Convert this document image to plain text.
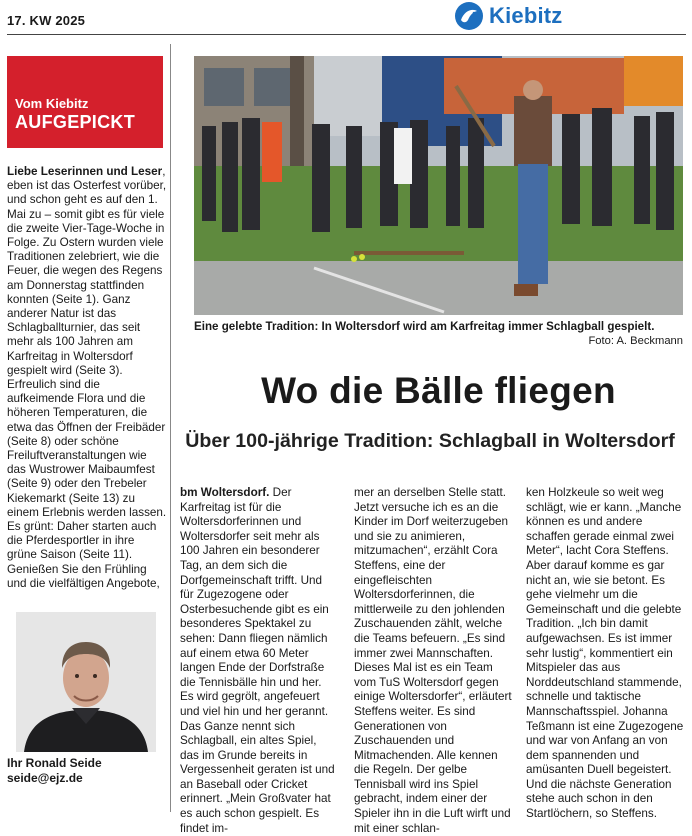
17. KW 2025	Kiebitz
Vom Kiebitz
AUFGEPICKT

Liebe Leserinnen und Leser, eben ist das Osterfest vorüber, und schon geht es auf den 1. Mai zu – somit gibt es für viele die zweite Vier-Tage-Woche in Folge. Zu Ostern wurden viele Traditionen zelebriert, wie die Feuer, die wegen des Regens am Donnerstag stattfinden konnten (Seite 1). Ganz anderer Natur ist das Schlagballturnier, das seit mehr als 100 Jahren am Karfreitag in Woltersdorf gespielt wird (Seite 3).

Erfreulich sind die aufkeimende Flora und die höheren Temperaturen, die etwa das Öffnen der Freibäder (Seite 8) oder schöne Freiluftveranstaltungen wie das Wustrower Maibaumfest (Seite 9) oder den Trebeler Kiekemarkt (Seite 13) zu einem Erlebnis werden lassen.

Es grünt: Daher starten auch die Pferdesportler in ihre grüne Saison (Seite 11).

Genießen Sie den Frühling und die vielfältigen Angebote,

Ihr Ronald Seide
seide@ejz.de
Eine gelebte Tradition: In Woltersdorf wird am Karfreitag immer Schlagball gespielt.
Foto: A. Beckmann
Wo die Bälle fliegen
Über 100-jährige Tradition: Schlagball in Woltersdorf
bm Woltersdorf. Der Karfreitag ist für die Woltersdorferinnen und Woltersdorfer seit mehr als 100 Jahren ein besonderer Tag, an dem sich die Dorfgemeinschaft trifft. Und für Zugezogene oder Osterbesuchende gibt es ein besonderes Spektakel zu sehen: Dann fliegen nämlich auf einem etwa 60 Meter langen Ende der Dorfstraße die Tennisbälle hin und her. Es wird gegrölt, angefeuert und viel hin und her gerannt. Das Ganze nennt sich Schlagball, ein altes Spiel, das im Grunde bereits in Vergessenheit geraten ist und an Baseball oder Cricket erinnert. „Mein Großvater hat es auch schon gespielt. Es findet im-
mer an derselben Stelle statt. Jetzt versuche ich es an die Kinder im Dorf weiterzugeben und sie zu animieren, mitzumachen“, erzählt Cora Steffens, eine der eingefleischten Woltersdorferinnen, die mittlerweile zu den johlenden Zuschauenden zählt, welche die Teams befeuern. „Es sind immer zwei Mannschaften. Dieses Mal ist es ein Team vom TuS Woltersdorf gegen einige Woltersdorfer“, erläutert Steffens weiter. Es sind Generationen von Zuschauenden und Mitmachenden. Alle kennen die Regeln. Der gelbe Tennisball wird ins Spiel gebracht, indem einer der Spieler ihn in die Luft wirft und mit einer schlan-
ken Holzkeule so weit weg schlägt, wie er kann. „Manche können es und andere schaffen gerade einmal zwei Meter“, lacht Cora Steffens. Aber darauf komme es gar nicht an, wie sie betont. Es gehe vielmehr um die Gemeinschaft und die gelebte Tradition. „Ich bin damit aufgewachsen. Es ist immer sehr lustig“, kommentiert ein Mitspieler das aus Norddeutschland stammende, schnelle und taktische Mannschaftsspiel. Johanna Teßmann ist eine Zugezogene und war von Anfang an von dem spannenden und amüsanten Duell begeistert. Und die nächste Generation stehe auch schon in den Startlöchern, so Steffens.
